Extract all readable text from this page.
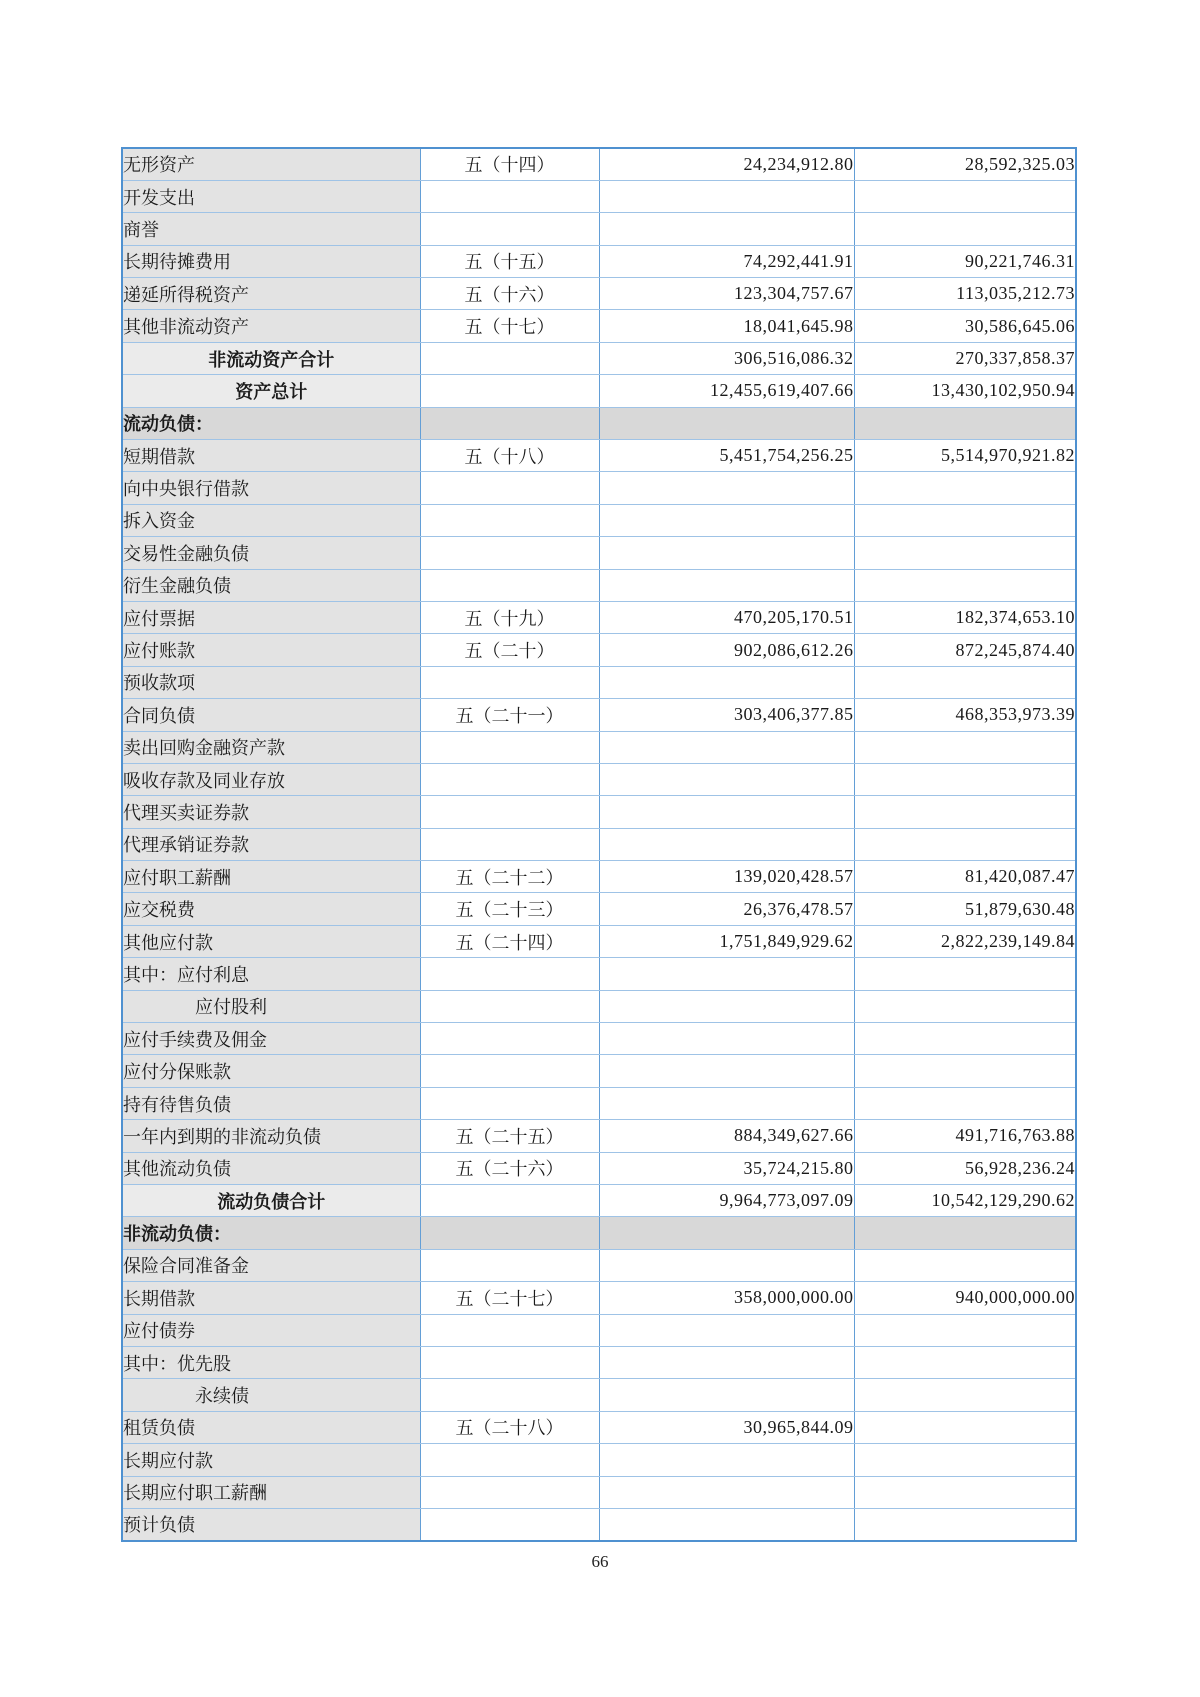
无形资产	五（十四）	24,234,912.80	28,592,325.03
开发支出			
商誉			
长期待摊费用	五（十五）	74,292,441.91	90,221,746.31
递延所得税资产	五（十六）	123,304,757.67	113,035,212.73
其他非流动资产	五（十七）	18,041,645.98	30,586,645.06
非流动资产合计		306,516,086.32	270,337,858.37
资产总计		12,455,619,407.66	13,430,102,950.94
流动负债：			
短期借款	五（十八）	5,451,754,256.25	5,514,970,921.82
向中央银行借款			
拆入资金			
交易性金融负债			
衍生金融负债			
应付票据	五（十九）	470,205,170.51	182,374,653.10
应付账款	五（二十）	902,086,612.26	872,245,874.40
预收款项			
合同负债	五（二十一）	303,406,377.85	468,353,973.39
卖出回购金融资产款			
吸收存款及同业存放			
代理买卖证券款			
代理承销证券款			
应付职工薪酬	五（二十二）	139,020,428.57	81,420,087.47
应交税费	五（二十三）	26,376,478.57	51,879,630.48
其他应付款	五（二十四）	1,751,849,929.62	2,822,239,149.84
其中：应付利息			
应付股利			
应付手续费及佣金			
应付分保账款			
持有待售负债			
一年内到期的非流动负债	五（二十五）	884,349,627.66	491,716,763.88
其他流动负债	五（二十六）	35,724,215.80	56,928,236.24
流动负债合计		9,964,773,097.09	10,542,129,290.62
非流动负债：			
保险合同准备金			
长期借款	五（二十七）	358,000,000.00	940,000,000.00
应付债券			
其中：优先股			
永续债			
租赁负债	五（二十八）	30,965,844.09	
长期应付款			
长期应付职工薪酬			
预计负债			
66
